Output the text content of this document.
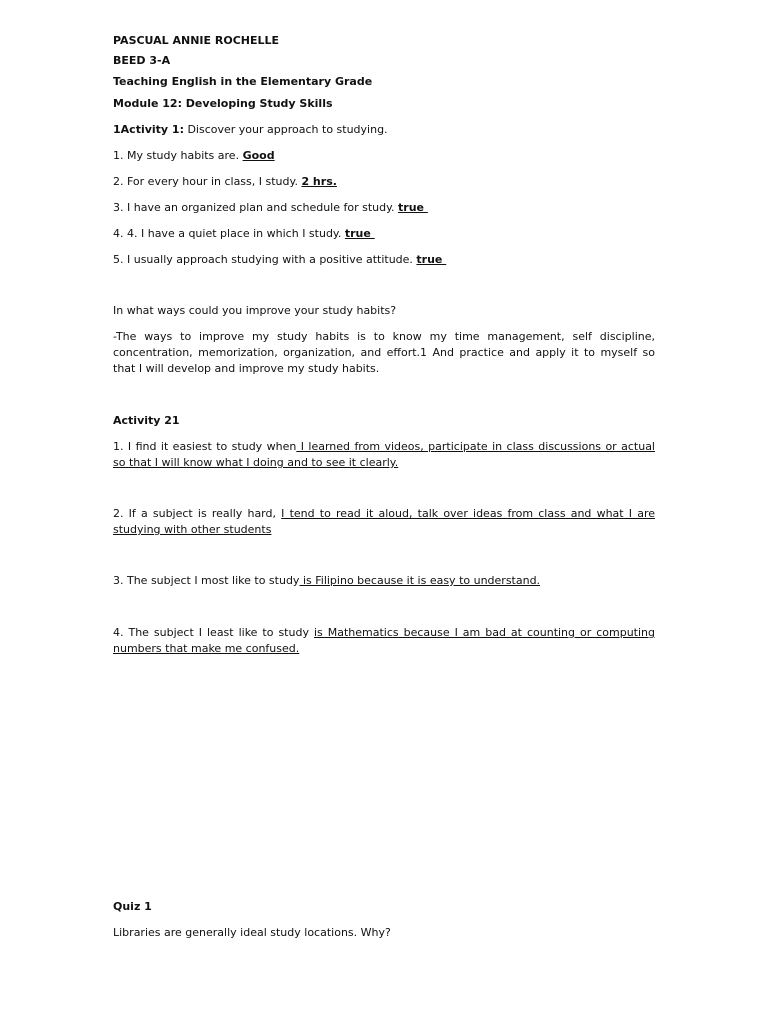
PASCUAL ANNIE ROCHELLE
BEED 3-A
Teaching English in the Elementary Grade
Module 12: Developing Study Skills
1Activity 1: Discover your approach to studying.
1. My study habits are. Good
2. For every hour in class, I study. 2 hrs.
3. I have an organized plan and schedule for study. true
4. 4. I have a quiet place in which I study. true
5. I usually approach studying with a positive attitude. true
In what ways could you improve your study habits?
-The ways to improve my study habits is to know my time management, self discipline, concentration, memorization, organization, and effort.1 And practice and apply it to myself so that I will develop and improve my study habits.
Activity 21
1. I find it easiest to study when I learned from videos, participate in class discussions or actual so that I will know what I doing and to see it clearly.
2. If a subject is really hard, I tend to read it aloud, talk over ideas from class and what I are studying with other students
3. The subject I most like to study is Filipino because it is easy to understand.
4. The subject I least like to study is Mathematics because I am bad at counting or computing numbers that make me confused.
Quiz 1
Libraries are generally ideal study locations. Why?
